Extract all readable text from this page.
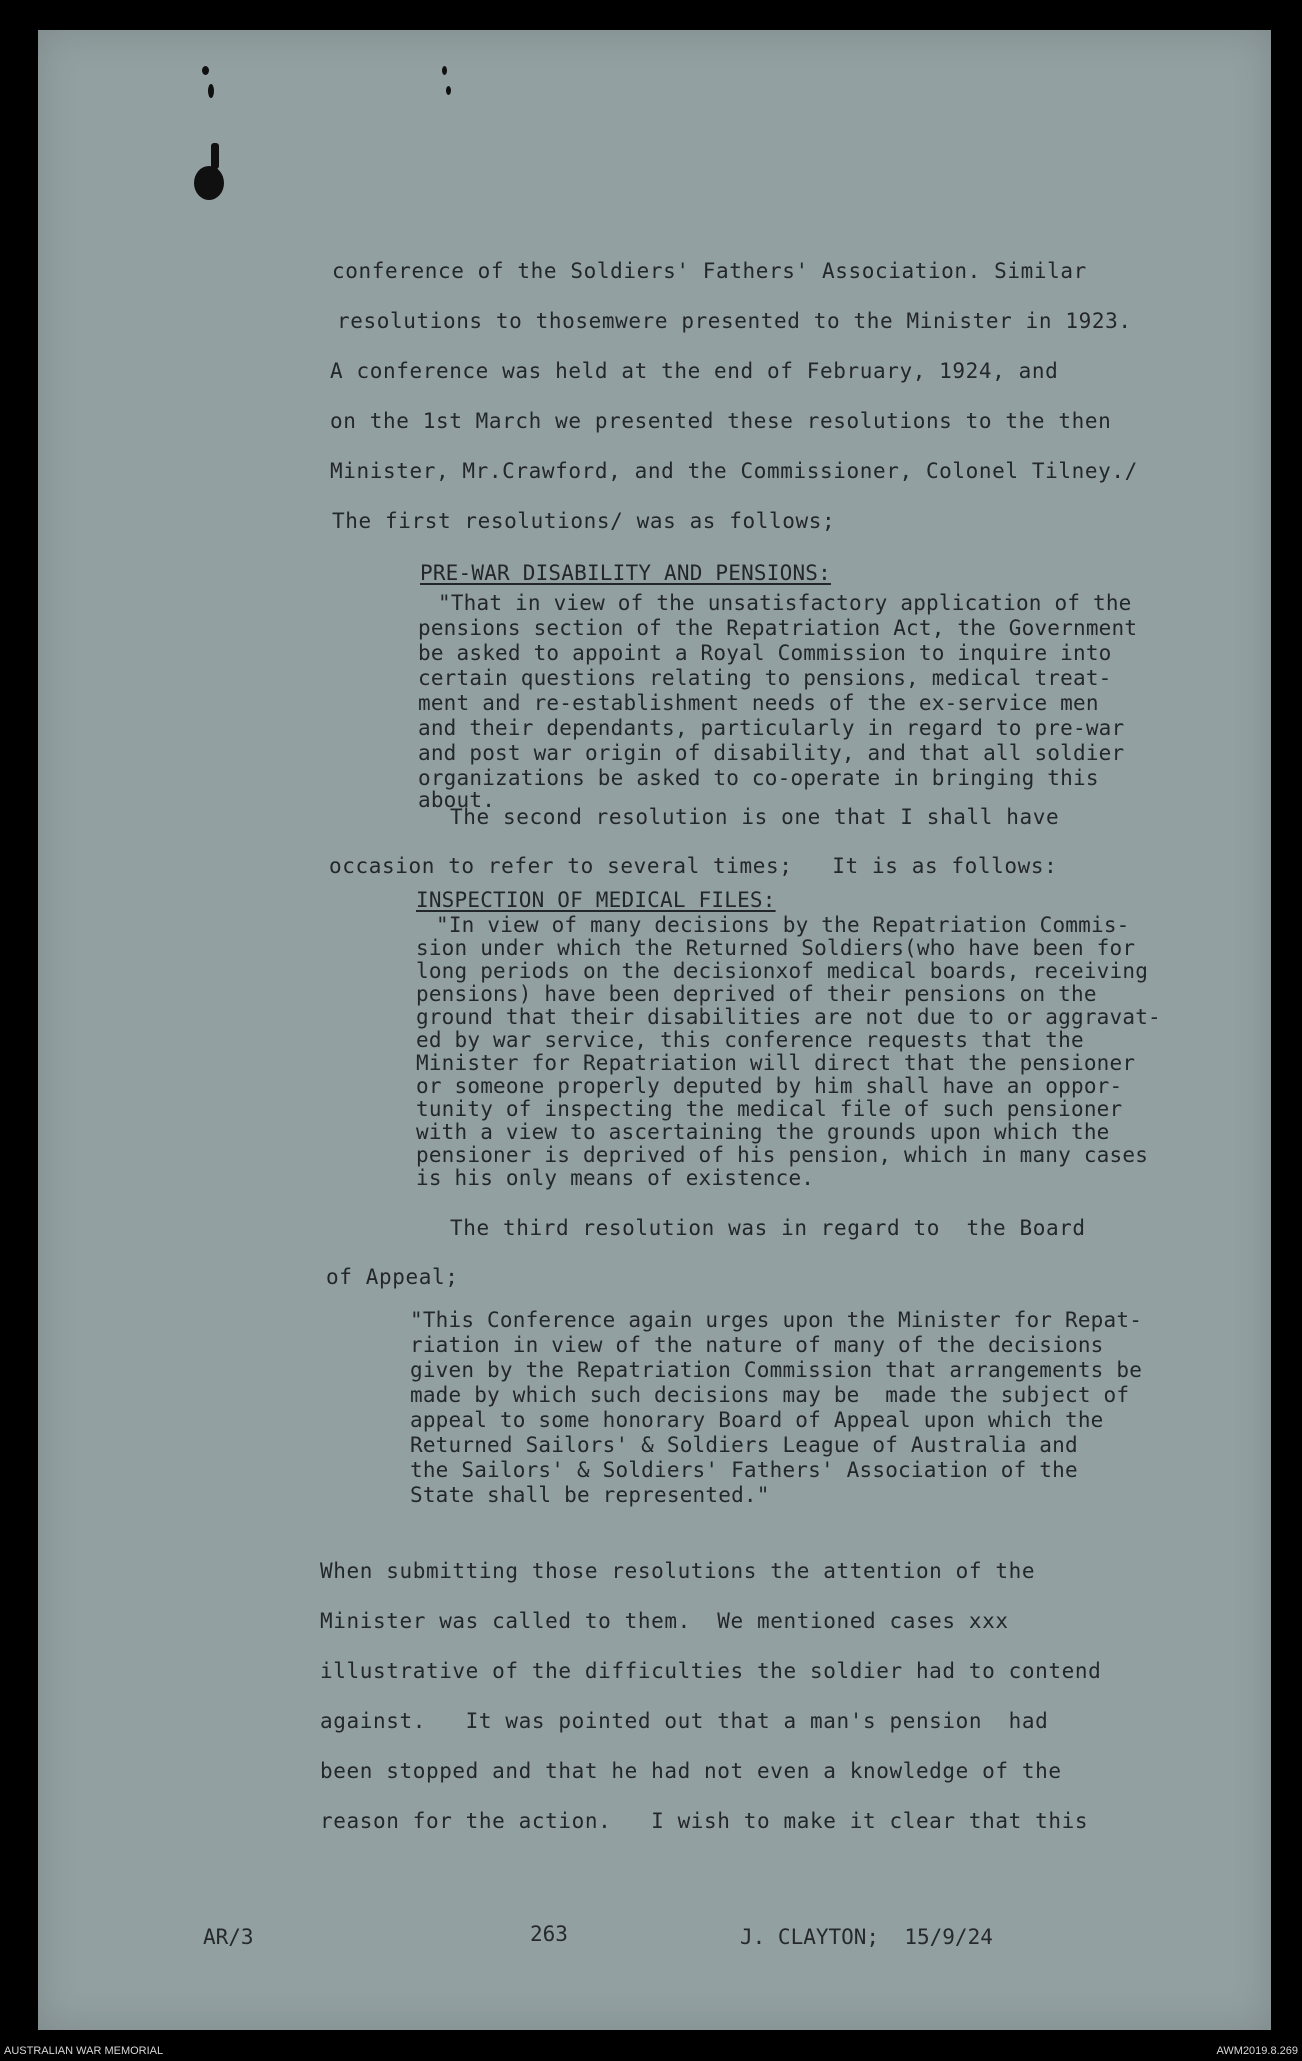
conference of the Soldiers' Fathers' Association. Similar
resolutions to thosemwere presented to the Minister in 1923.
A conference was held at the end of February, 1924, and
on the 1st March we presented these resolutions to the then
Minister, Mr.Crawford, and the Commissioner, Colonel Tilney./
The first resolutions/ was as follows;
PRE-WAR DISABILITY AND PENSIONS:
"That in view of the unsatisfactory application of the
pensions section of the Repatriation Act, the Government
be asked to appoint a Royal Commission to inquire into
certain questions relating to pensions, medical treat-
ment and re-establishment needs of the ex-service men
and their dependants, particularly in regard to pre-war
and post war origin of disability, and that all soldier
organizations be asked to co-operate in bringing this
about.
The second resolution is one that I shall have
occasion to refer to several times;   It is as follows:
INSPECTION OF MEDICAL FILES:
"In view of many decisions by the Repatriation Commis-
sion under which the Returned Soldiers(who have been for
long periods on the decisionxof medical boards, receiving
pensions) have been deprived of their pensions on the
ground that their disabilities are not due to or aggravat-
ed by war service, this conference requests that the
Minister for Repatriation will direct that the pensioner
or someone properly deputed by him shall have an oppor-
tunity of inspecting the medical file of such pensioner
with a view to ascertaining the grounds upon which the
pensioner is deprived of his pension, which in many cases
is his only means of existence.
The third resolution was in regard to  the Board
of Appeal;
"This Conference again urges upon the Minister for Repat-
riation in view of the nature of many of the decisions
given by the Repatriation Commission that arrangements be
made by which such decisions may be  made the subject of
appeal to some honorary Board of Appeal upon which the
Returned Sailors' & Soldiers League of Australia and
the Sailors' & Soldiers' Fathers' Association of the
State shall be represented."
When submitting those resolutions the attention of the
Minister was called to them.  We mentioned cases xxx
illustrative of the difficulties the soldier had to contend
against.   It was pointed out that a man's pension  had
been stopped and that he had not even a knowledge of the
reason for the action.   I wish to make it clear that this
AR/3	263	J. CLAYTON;  15/9/24
AUSTRALIAN WAR MEMORIAL	AWM2019.8.269
